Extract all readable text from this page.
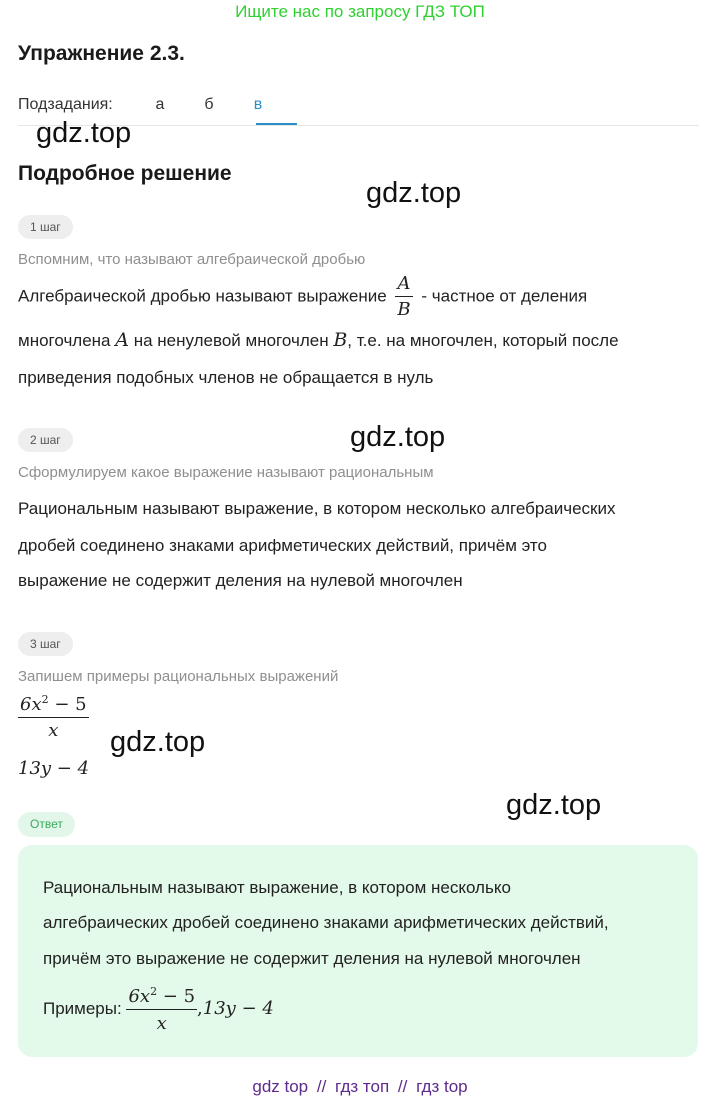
Ищите нас по запросу ГДЗ ТОП
Упражнение 2.3.
Подзадания:	а	б	в
gdz.top
gdz.top
gdz.top
gdz.top
gdz.top
Подробное решение
1 шаг
Вспомним, что называют алгебраической дробью
Алгебраической дробью называют выражение $\frac{A}{B}$ - частное от деления
многочлена A на ненулевой многочлен B, т.е. на многочлен, который после
приведения подобных членов не обращается в нуль
2 шаг
Сформулируем какое выражение называют рациональным
Рациональным называют выражение, в котором несколько алгебраических
дробей соединено знаками арифметических действий, причём это
выражение не содержит деления на нулевой многочлен
3 шаг
Запишем примеры рациональных выражений
$\frac{6x^2 - 5}{x}$
13y − 4
Ответ
Рациональным называют выражение, в котором несколько
алгебраических дробей соединено знаками арифметических действий,
причём это выражение не содержит деления на нулевой многочлен
Примеры: $\frac{6x^2 - 5}{x} ,13y - 4$
gdz top // гдз топ // гдз top
